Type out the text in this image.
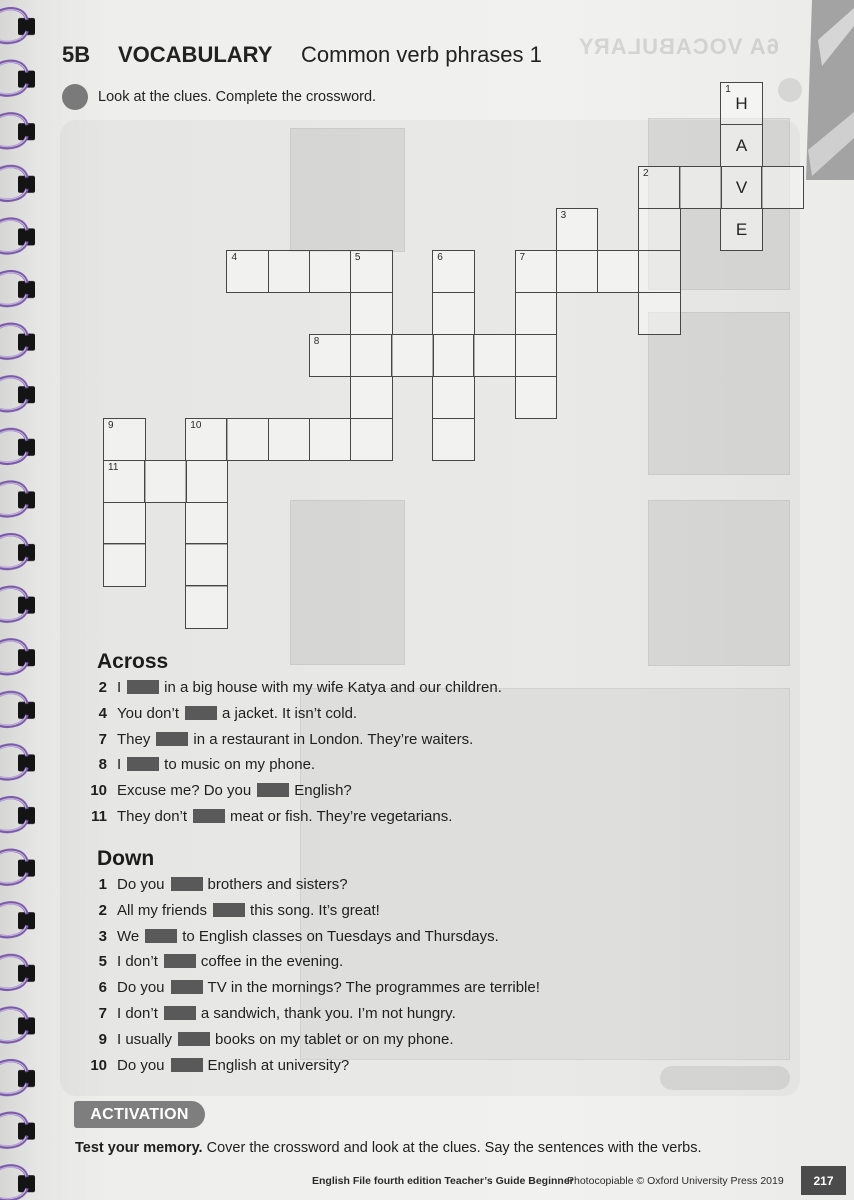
6A VOCABULARY
5B VOCABULARY Common verb phrases 1
Look at the clues. Complete the crossword.	1
H
A
V
E
2
3
4	5	6	7
8
9
11
10
Across
2 I	in a big house with my wife Katya and our children.
4 You don’t	a jacket. It isn’t cold.
7 They	in a restaurant in London. They’re waiters.
8 I	to music on my phone.
10 Excuse me? Do you	English?
11 They don’t	meat or fish. They’re vegetarians.
Down
1 Do you	brothers and sisters?
2 All my friends	this song. It’s great!
3 We	to English classes on Tuesdays and Thursdays.
5 I don’t	coffee in the evening.
6 Do you	TV in the mornings? The programmes are terrible!
7 I don’t	a sandwich, thank you. I’m not hungry.
9 I usually	books on my tablet or on my phone.
10 Do you	English at university?
ACTIVATION
Test your memory. Cover the crossword and look at the clues. Say the sentences with the verbs.
English File fourth edition Teacher’s Guide Beginner
Photocopiable © Oxford University Press 2019	217
